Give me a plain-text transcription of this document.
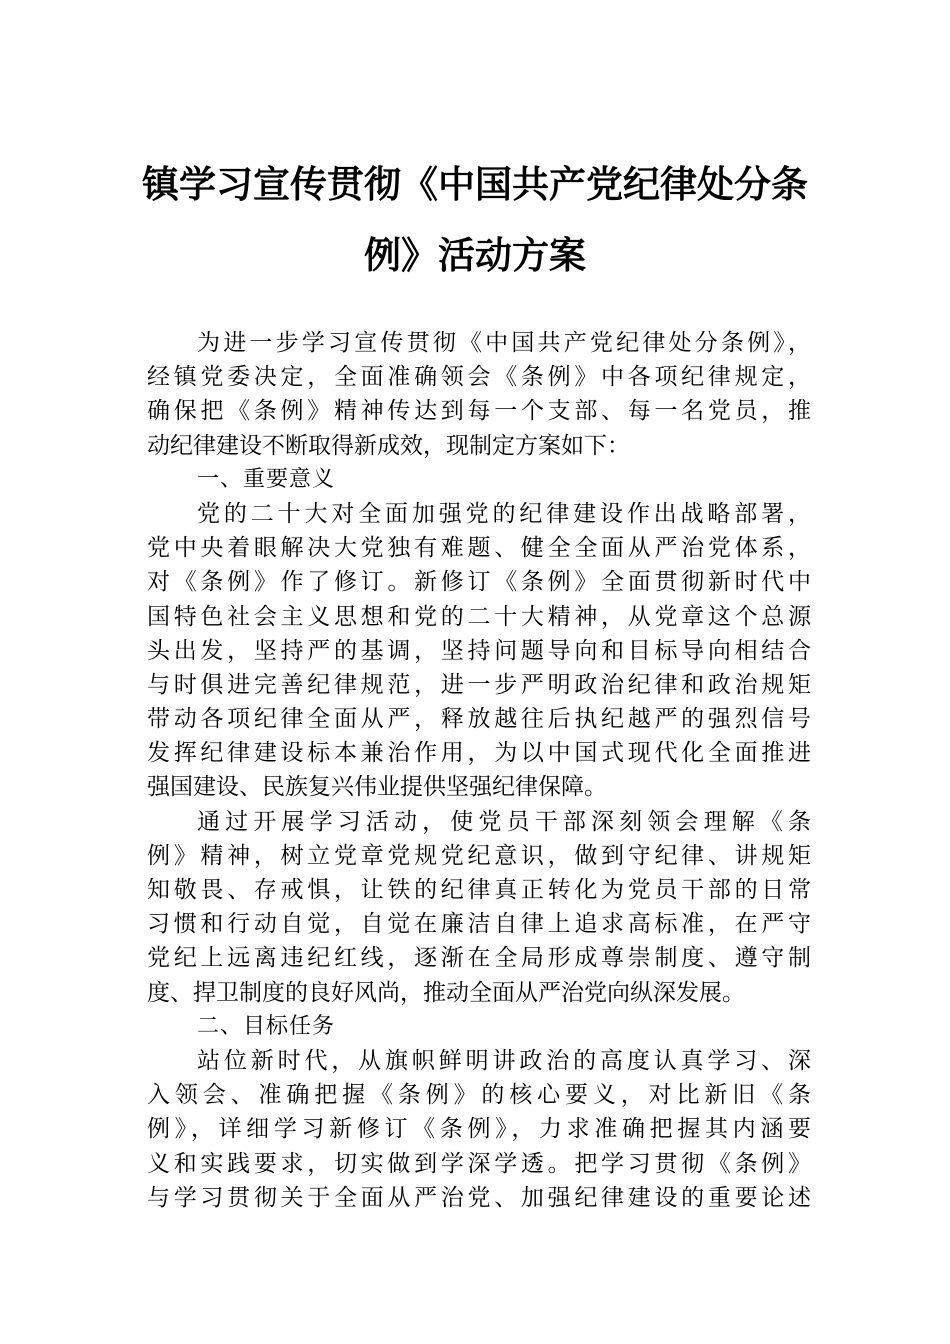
镇学习宣传贯彻《中国共产党纪律处分条
例》活动方案
为进一步学习宣传贯彻《中国共产党纪律处分条例》，
经镇党委决定，全面准确领会《条例》中各项纪律规定，
确保把《条例》精神传达到每一个支部、每一名党员，推
动纪律建设不断取得新成效，现制定方案如下：
一、重要意义
党的二十大对全面加强党的纪律建设作出战略部署，
党中央着眼解决大党独有难题、健全全面从严治党体系，
对《条例》作了修订。新修订《条例》全面贯彻新时代中
国特色社会主义思想和党的二十大精神，从党章这个总源
头出发，坚持严的基调，坚持问题导向和目标导向相结合
与时俱进完善纪律规范，进一步严明政治纪律和政治规矩
带动各项纪律全面从严，释放越往后执纪越严的强烈信号
发挥纪律建设标本兼治作用，为以中国式现代化全面推进
强国建设、民族复兴伟业提供坚强纪律保障。
通过开展学习活动，使党员干部深刻领会理解《条
例》精神，树立党章党规党纪意识，做到守纪律、讲规矩
知敬畏、存戒惧，让铁的纪律真正转化为党员干部的日常
习惯和行动自觉，自觉在廉洁自律上追求高标准，在严守
党纪上远离违纪红线，逐渐在全局形成尊崇制度、遵守制
度、捍卫制度的良好风尚，推动全面从严治党向纵深发展。
二、目标任务
站位新时代，从旗帜鲜明讲政治的高度认真学习、深
入领会、准确把握《条例》的核心要义，对比新旧《条
例》，详细学习新修订《条例》，力求准确把握其内涵要
义和实践要求，切实做到学深学透。把学习贯彻《条例》
与学习贯彻关于全面从严治党、加强纪律建设的重要论述
